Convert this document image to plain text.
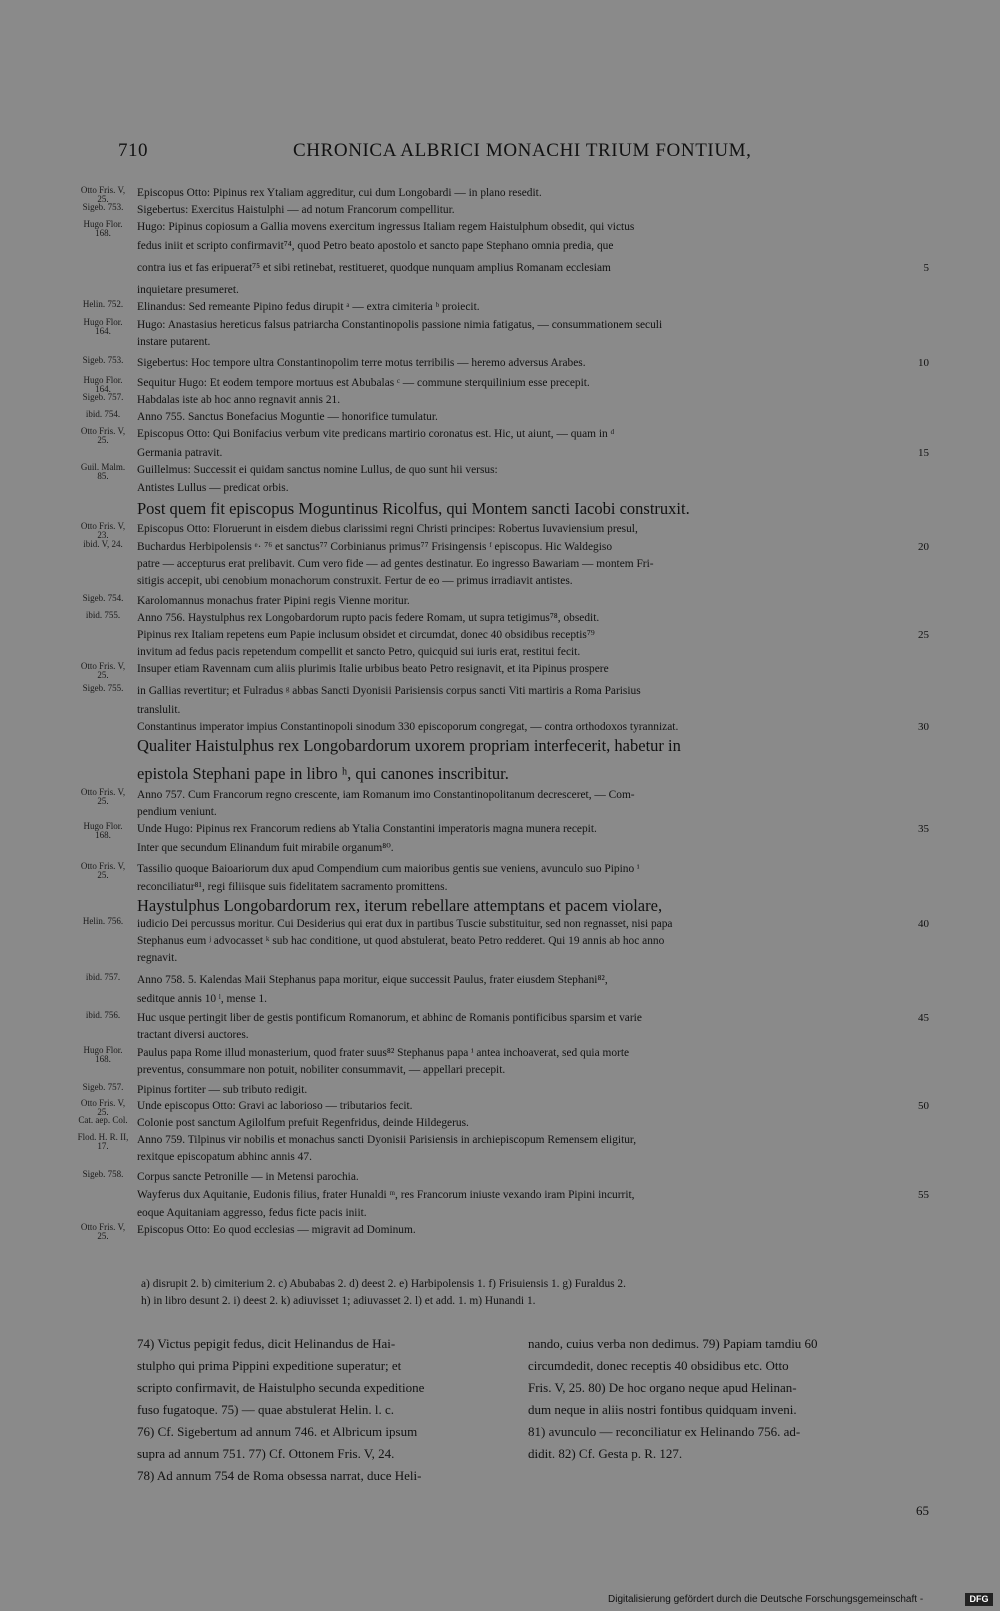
710	CHRONICA ALBRICI MONACHI TRIUM FONTIUM,
Otto Fris. V, 25.	Episcopus Otto: Pipinus rex Ytaliam aggreditur, cui dum Longobardi — in plano resedit.
Sigeb. 753.	Sigebertus: Exercitus Haistulphi — ad notum Francorum compellitur.
Hugo Flor. 168.	Hugo: Pipinus copiosum a Gallia movens exercitum ingressus Italiam regem Haistulphum obsedit, qui victus
fedus iniit et scripto confirmavit⁷⁴, quod Petro beato apostolo et sancto pape Stephano omnia predia, que
contra ius et fas eripuerat⁷⁵ et sibi retinebat, restitueret, quodque nunquam amplius Romanam ecclesiam	5
inquietare presumeret.
Helin. 752.	Elinandus: Sed remeante Pipino fedus dirupit ᵃ — extra cimiteria ᵇ proiecit.
Hugo Flor. 164.	Hugo: Anastasius hereticus falsus patriarcha Constantinopolis passione nimia fatigatus, — consummationem seculi
instare putarent.
Sigeb. 753.	Sigebertus: Hoc tempore ultra Constantinopolim terre motus terribilis — heremo adversus Arabes.	10
Hugo Flor. 164.	Sequitur Hugo: Et eodem tempore mortuus est Abubalas ᶜ — commune sterquilinium esse precepit.
Sigeb. 757.	Habdalas iste ab hoc anno regnavit annis 21.
ibid. 754.	Anno 755. Sanctus Bonefacius Moguntie — honorifice tumulatur.
Otto Fris. V, 25.	Episcopus Otto: Qui Bonifacius verbum vite predicans martirio coronatus est. Hic, ut aiunt, — quam in ᵈ
Germania patravit.	15
Guil. Malm. 85.	Guillelmus: Successit ei quidam sanctus nomine Lullus, de quo sunt hii versus:
Antistes Lullus — predicat orbis.
Post quem fit episcopus Moguntinus Ricolfus, qui Montem sancti Iacobi construxit.
Otto Fris. V, 23.	Episcopus Otto: Floruerunt in eisdem diebus clarissimi regni Christi principes: Robertus Iuvaviensium presul,
ibid. V, 24.	Buchardus Herbipolensis ᵉ· ⁷⁶ et sanctus⁷⁷ Corbinianus primus⁷⁷ Frisingensis ᶠ episcopus. Hic Waldegiso	20
patre — accepturus erat prelibavit. Cum vero fide — ad gentes destinatur. Eo ingresso Bawariam — montem Fri-
sitigis accepit, ubi cenobium monachorum construxit. Fertur de eo — primus irradiavit antistes.
Sigeb. 754.	Karolomannus monachus frater Pipini regis Vienne moritur.
ibid. 755.	Anno 756. Haystulphus rex Longobardorum rupto pacis federe Romam, ut supra tetigimus⁷⁸, obsedit.
Pipinus rex Italiam repetens eum Papie inclusum obsidet et circumdat, donec 40 obsidibus receptis⁷⁹	25
invitum ad fedus pacis repetendum compellit et sancto Petro, quicquid sui iuris erat, restitui fecit.
Otto Fris. V, 25.	Insuper etiam Ravennam cum aliis plurimis Italie urbibus beato Petro resignavit, et ita Pipinus prospere
Sigeb. 755.	in Gallias revertitur; et Fulradus ᵍ abbas Sancti Dyonisii Parisiensis corpus sancti Viti martiris a Roma Parisius
translulit.
Constantinus imperator impius Constantinopoli sinodum 330 episcoporum congregat, — contra orthodoxos tyrannizat.	30
Qualiter Haistulphus rex Longobardorum uxorem propriam interfecerit, habetur in
epistola Stephani pape in libro ʰ, qui canones inscribitur.
Otto Fris. V, 25.	Anno 757. Cum Francorum regno crescente, iam Romanum imo Constantinopolitanum decresceret, — Com-
pendium veniunt.
Hugo Flor. 168.	Unde Hugo: Pipinus rex Francorum rediens ab Ytalia Constantini imperatoris magna munera recepit.	35
Inter que secundum Elinandum fuit mirabile organum⁸⁰.
Otto Fris. V, 25.	Tassilio quoque Baioariorum dux apud Compendium cum maioribus gentis sue veniens, avunculo suo Pipino ⁱ
reconciliatur⁸¹, regi filiisque suis fidelitatem sacramento promittens.
Haystulphus Longobardorum rex, iterum rebellare attemptans et pacem violare,
Helin. 756.	iudicio Dei percussus moritur. Cui Desiderius qui erat dux in partibus Tuscie substituitur, sed non regnasset, nisi papa	40
Stephanus eum ʲ advocasset ᵏ sub hac conditione, ut quod abstulerat, beato Petro redderet. Qui 19 annis ab hoc anno
regnavit.
ibid. 757.	Anno 758. 5. Kalendas Maii Stephanus papa moritur, eique successit Paulus, frater eiusdem Stephani⁸²,
seditque annis 10 ˡ, mense 1.
ibid. 756.	Huc usque pertingit liber de gestis pontificum Romanorum, et abhinc de Romanis pontificibus sparsim et varie	45
tractant diversi auctores.
Hugo Flor. 168.	Paulus papa Rome illud monasterium, quod frater suus⁸² Stephanus papa ⁱ antea inchoaverat, sed quia morte
preventus, consummare non potuit, nobiliter consummavit, — appellari precepit.
Sigeb. 757.	Pipinus fortiter — sub tributo redigit.
Otto Fris. V, 25.	Unde episcopus Otto: Gravi ac laborioso — tributarios fecit.	50
Cat. aep. Col. Colonie post sanctum Agilolfum prefuit Regenfridus, deinde Hildegerus.
Flod. H. R. II, 17.	Anno 759. Tilpinus vir nobilis et monachus sancti Dyonisii Parisiensis in archiepiscopum Remensem eligitur,
rexitque episcopatum abhinc annis 47.
Sigeb. 758.	Corpus sancte Petronille — in Metensi parochia.
Wayferus dux Aquitanie, Eudonis filius, frater Hunaldi ᵐ, res Francorum iniuste vexando iram Pipini incurrit,	55
eoque Aquitaniam aggresso, fedus ficte pacis iniit.
Otto Fris. V, 25.	Episcopus Otto: Eo quod ecclesias — migravit ad Dominum.
a) disrupit 2. b) cimiterium 2. c) Abubabas 2. d) deest 2. e) Harbipolensis 1. f) Frisuiensis 1. g) Furaldus 2.
h) in libro desunt 2. i) deest 2. k) adiuvisset 1; adiuvasset 2. l) et add. 1. m) Hunandi 1.
74) Victus pepigit fedus, dicit Helinandus de Hai-
stulpho qui prima Pippini expeditione superatur; et
scripto confirmavit, de Haistulpho secunda expeditione
fuso fugatoque. 75) — quae abstulerat Helin. l. c.
76) Cf. Sigebertum ad annum 746. et Albricum ipsum
supra ad annum 751. 77) Cf. Ottonem Fris. V, 24.
78) Ad annum 754 de Roma obsessa narrat, duce Heli-
nando, cuius verba non dedimus. 79) Papiam tamdiu 60
circumdedit, donec receptis 40 obsidibus etc. Otto
Fris. V, 25. 80) De hoc organo neque apud Helinan-
dum neque in aliis nostri fontibus quidquam inveni.
81) avunculo — reconciliatur ex Helinando 756. ad-
didit. 82) Cf. Gesta p. R. 127.
65
Digitalisierung gefördert durch die Deutsche Forschungsgemeinschaft -	DFG
